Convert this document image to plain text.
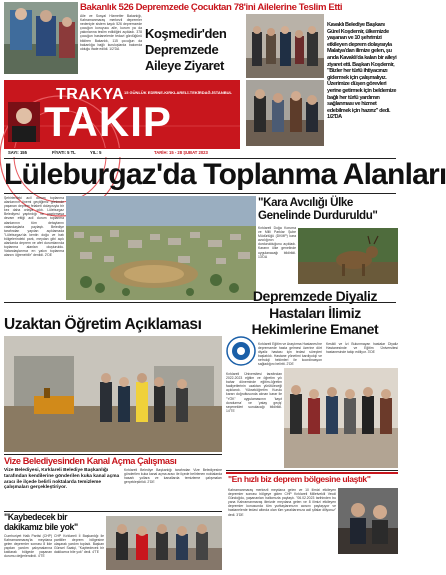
Bakanlık 526 Depremzede Çocuktan 78'ini Ailelerine Teslim Etti
Aile ve Sosyal Hizmetler Bakanlığı, Kahramanmaraş merkezli depremler nedeniyle sistem kaydı 526 depremzede çocuğun koruyucu aile, kurum ya da yakınlarına teslim edildiğini açıkladı. 378 çocuğun hastanelerde tedavi gördüğünü bildiren Bakanlık, 115 çocuğun da bakanlığa bağlı kuruluşlarda bakımda olduğu ifade edildi. 1/2'DA
Koşmedir'den Depremzede Aileye Ziyaret
Kavaklı Belediye Başkanı Gürel Koşdemir, ülkemizde yaşanan ve 10 şehrimizi etkileyen deprem dolayısıyla Malatya'dan ilimize gelen, şu anda Kavaklı'da kalan bir aileyi ziyaret etti. Başkan Koşdemir, "Bizler her türlü ihtiyacınızı gidermek için çalışmalıyız. Üzerimize düşen görevleri yerine getirmek için beldemize bağlı her türlü yardımın sağlanması ve hizmet edebilmek için hazırız" dedi. 1/2'DA
TRAKYA 15 GÜNLÜK EDİRNE-KIRKLARELİ-TEKİRDAĞ-İSTANBUL
TAKIP
SAYI: 155	FİYATI: 5 TL	YIL: 5	TARİH: 15 - 28 ŞUBAT 2023
Lüleburgaz'da Toplanma Alanları
Şehirlerdeki acil durum toplanma alanlarının önemi geçtiğimiz günlerde yaşanan deprem felaketi dolayısıyla bir kez daha ortaya çıktı. Lüleburgaz Belediyesi yaptırdığı ve yaptırmaya devam ettiği acil durum toplanma alanlarının tüm detaylarını vatandaşlarla paylaştı. Belediye tarafından yapılan açıklamada "Lüleburgaz'da kentin doğu ve batı bölgelerindeki park, meydan gibi açık alanlarda deprem ve afet durumlarında toplanma alanları oluşturuldu. Vatandaşlarımız en yakın toplanma alanını öğrenebilir" denildi. 2'DE
"Kara Avcılığı Ülke Genelinde Durduruldu"
Kırklareli Doğa Koruma ve Milli Parklar Şube Müdürlüğü (DKMP) kara avcılığının durdurulduğunu açıkladı. Kararın ülke genelinde uygulanacağı bildirildi. 13'DA
Uzaktan Öğretim Açıklaması
Depremzede Diyaliz Hastaları İlimiz Hekimlerine Emanet
Kırklareli Eğitim ve Araştırma Hastanesi'ne depremzede hasta gelmesi üzerine dört diyaliz hastası için tedavi süreçleri başlatıldı. Hastane yönetimi kardiyoloji ve nefroloji hekimleri ile koordinasyon sağladığını belirtti. 2'DE
Kesikli ve İzi Bulunmayan hastalar Diyaliz Hastanesinde ve Eğitim Üniversitesi hastanesinde takip ediliyor. 3'DE
Kırklareli Üniversitesi tarafından 2022-2023 eğitim ve öğretim yılı bahar döneminde eğitim-öğretim faaliyetlerinin uzaktan yürütüleceği açıklandı. Yükseköğretim Kurulu kararı doğrultusunda alınan karar ile "YÖK" uygulamasının 'kayıt dondurma' ve 'yatay geçiş' seçenekleri sunulacağı bildirildi. 14'TE
Vize Belediyesinden Kanal Açma Çalışması
Vize Belediyesi, Kırklareli Belediye Başkanlığı tarafından kendilerine gönderilen kuka kanal açma aracı ile ilçede belirli noktalarda temizleme çalışmaları gerçekleştiriyor.
Kırklareli Belediye Başkanlığı tarafından Vize Belediyesine gönderilen kuka kanal açma aracı ile ilçede belirlenen noktalarda hasarlı yollara ve kanallarda temizleme çalışmaları gerçekleştirildi. 2'DE
"Kaybedecek bir dakikamız bile yok"
Cumhuriyet Halk Partisi (CHP) Kahramanmaraş'ta meydana gelen depremler sonrası 8 ilde yapılan yardım çalışmalarına katılarak bölgede yaşanan durumu değerlendirdi. 4'TE
CHP Kırklareli İl Başkanlığı ile partililer deprem bölgesine ulaşarak yardım topladı. Başkan Günsel Saatçi, "Kaybedecek bir dakikamız bile yok" dedi. 4'TE
"En hızlı biz deprem bölgesine ulaştık"
Kahramanmaraş merkezli meydana gelen ve 10 ilimizi etkileyen depremler sonrası bölgeye giden CHP Kırklareli Milletvekili Vecdi Gündoğdu, yaşananları halkımızla paylaştı. "06.02.2023 tarihinden bu yana Kahramanmaraş ilimizde meydana gelen ve 8 ilimizi etkileyen depremler konusunda tüm yurttaşlarımızın acısını paylaşıyor ve hastanelerde tedavi altında olan tüm yaralılarımıza acil şifalar diliyoruz" dedi. 3'DE
